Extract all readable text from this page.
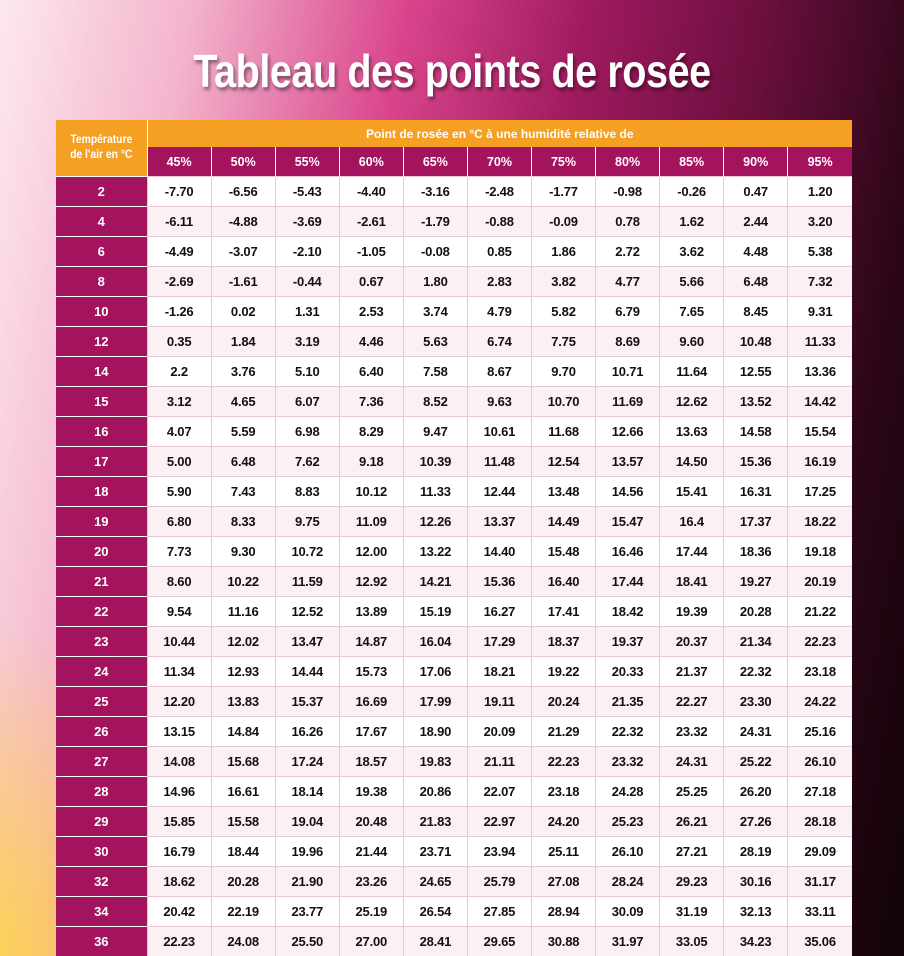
Tableau des points de rosée
Température
de l'air en °C	Point de rosée en °C à une humidité relative de										
	45%	50%	55%	60%	65%	70%	75%	80%	85%	90%	95%
2	-7.70	-6.56	-5.43	-4.40	-3.16	-2.48	-1.77	-0.98	-0.26	0.47	1.20
4	-6.11	-4.88	-3.69	-2.61	-1.79	-0.88	-0.09	0.78	1.62	2.44	3.20
6	-4.49	-3.07	-2.10	-1.05	-0.08	0.85	1.86	2.72	3.62	4.48	5.38
8	-2.69	-1.61	-0.44	0.67	1.80	2.83	3.82	4.77	5.66	6.48	7.32
10	-1.26	0.02	1.31	2.53	3.74	4.79	5.82	6.79	7.65	8.45	9.31
12	0.35	1.84	3.19	4.46	5.63	6.74	7.75	8.69	9.60	10.48	11.33
14	2.2	3.76	5.10	6.40	7.58	8.67	9.70	10.71	11.64	12.55	13.36
15	3.12	4.65	6.07	7.36	8.52	9.63	10.70	11.69	12.62	13.52	14.42
16	4.07	5.59	6.98	8.29	9.47	10.61	11.68	12.66	13.63	14.58	15.54
17	5.00	6.48	7.62	9.18	10.39	11.48	12.54	13.57	14.50	15.36	16.19
18	5.90	7.43	8.83	10.12	11.33	12.44	13.48	14.56	15.41	16.31	17.25
19	6.80	8.33	9.75	11.09	12.26	13.37	14.49	15.47	16.4	17.37	18.22
20	7.73	9.30	10.72	12.00	13.22	14.40	15.48	16.46	17.44	18.36	19.18
21	8.60	10.22	11.59	12.92	14.21	15.36	16.40	17.44	18.41	19.27	20.19
22	9.54	11.16	12.52	13.89	15.19	16.27	17.41	18.42	19.39	20.28	21.22
23	10.44	12.02	13.47	14.87	16.04	17.29	18.37	19.37	20.37	21.34	22.23
24	11.34	12.93	14.44	15.73	17.06	18.21	19.22	20.33	21.37	22.32	23.18
25	12.20	13.83	15.37	16.69	17.99	19.11	20.24	21.35	22.27	23.30	24.22
26	13.15	14.84	16.26	17.67	18.90	20.09	21.29	22.32	23.32	24.31	25.16
27	14.08	15.68	17.24	18.57	19.83	21.11	22.23	23.32	24.31	25.22	26.10
28	14.96	16.61	18.14	19.38	20.86	22.07	23.18	24.28	25.25	26.20	27.18
29	15.85	15.58	19.04	20.48	21.83	22.97	24.20	25.23	26.21	27.26	28.18
30	16.79	18.44	19.96	21.44	23.71	23.94	25.11	26.10	27.21	28.19	29.09
32	18.62	20.28	21.90	23.26	24.65	25.79	27.08	28.24	29.23	30.16	31.17
34	20.42	22.19	23.77	25.19	26.54	27.85	28.94	30.09	31.19	32.13	33.11
36	22.23	24.08	25.50	27.00	28.41	29.65	30.88	31.97	33.05	34.23	35.06
